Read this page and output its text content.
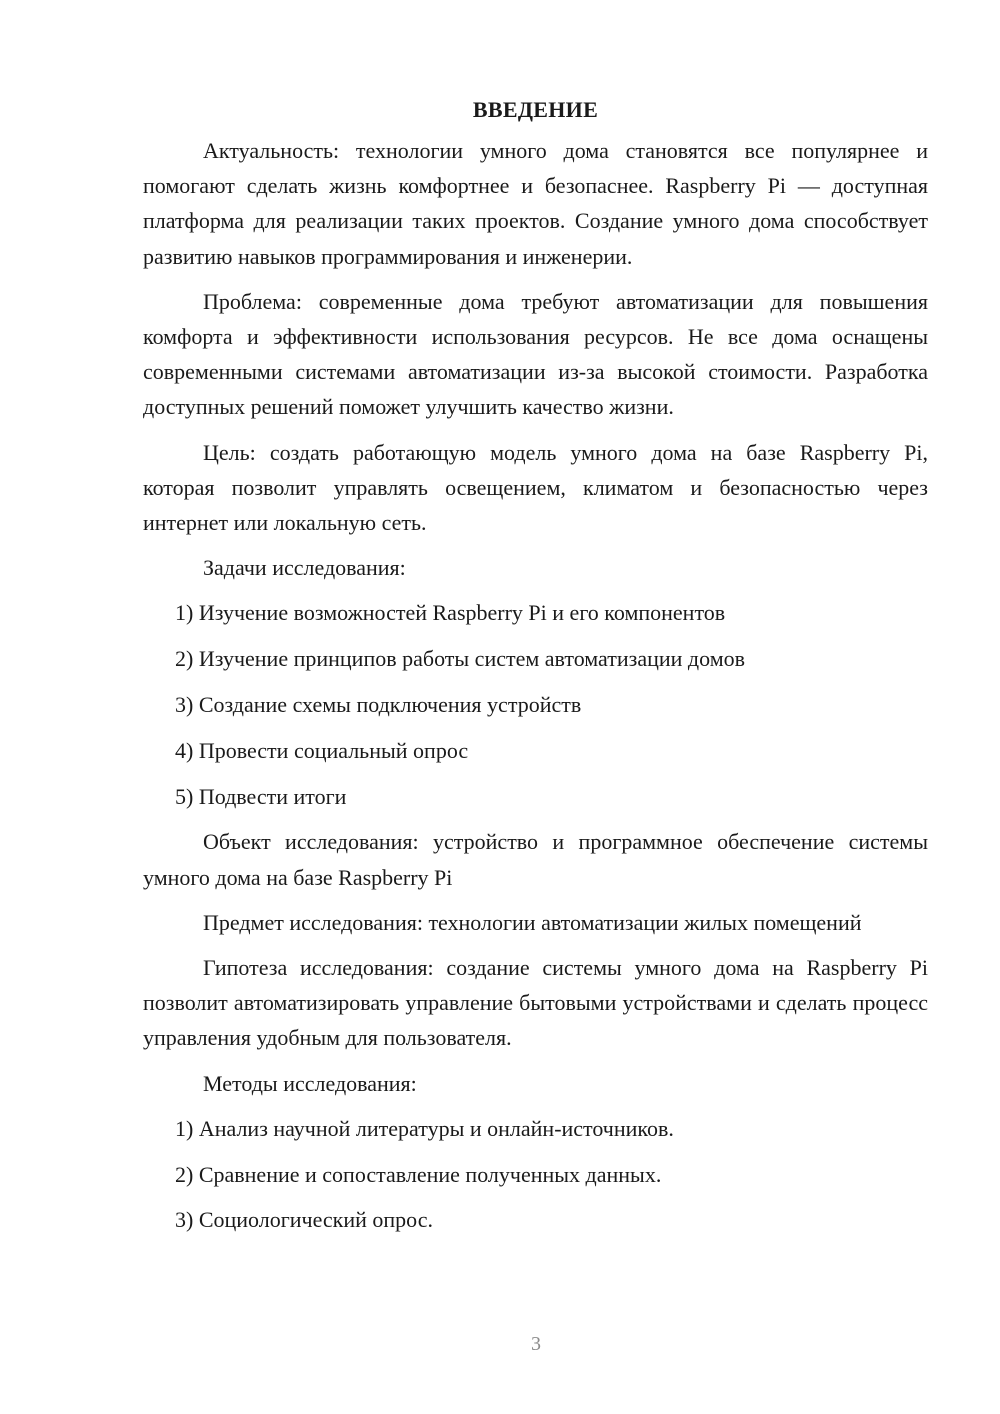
ВВЕДЕНИЕ

Актуальность: технологии умного дома становятся все популярнее и помогают сделать жизнь комфортнее и безопаснее. Raspberry Pi — доступная платформа для реализации таких проектов. Создание умного дома способствует развитию навыков программирования и инженерии.

Проблема: современные дома требуют автоматизации для повышения комфорта и эффективности использования ресурсов. Не все дома оснащены современными системами автоматизации из-за высокой стоимости. Разработка доступных решений поможет улучшить качество жизни.

Цель: создать работающую модель умного дома на базе Raspberry Pi, которая позволит управлять освещением, климатом и безопасностью через интернет или локальную сеть.

Задачи исследования:

1) Изучение возможностей Raspberry Pi и его компонентов
2) Изучение принципов работы систем автоматизации домов
3) Создание схемы подключения устройств
4) Провести социальный опрос
5) Подвести итоги

Объект исследования: устройство и программное обеспечение системы умного дома на базе Raspberry Pi

Предмет исследования: технологии автоматизации жилых помещений

Гипотеза исследования: создание системы умного дома на Raspberry Pi позволит автоматизировать управление бытовыми устройствами и сделать процесс управления удобным для пользователя.

Методы исследования:

1) Анализ научной литературы и онлайн-источников.
2) Сравнение и сопоставление полученных данных.
3) Социологический опрос.
3
